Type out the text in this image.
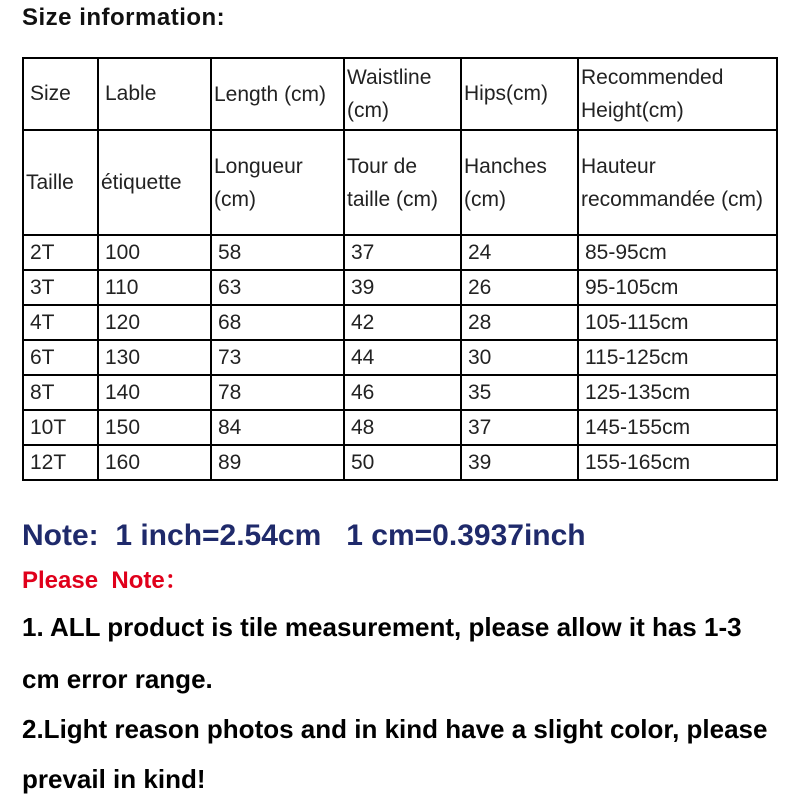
Size information:
Size	Lable	Length (cm)	Waistline (cm)	Hips(cm)	Recommended Height(cm)
Taille	étiquette	Longueur (cm)	Tour de taille (cm)	Hanches (cm)	Hauteur recommandée (cm)
2T	100	58	37	24	85-95cm
3T	110	63	39	26	95-105cm
4T	120	68	42	28	105-115cm
6T	130	73	44	30	115-125cm
8T	140	78	46	35	125-135cm
10T	150	84	48	37	145-155cm
12T	160	89	50	39	155-165cm
Note:  1 inch=2.54cm   1 cm=0.3937inch
Please  Note：
1. ALL product is tile measurement, please allow it has 1-3
cm error range.
2.Light reason photos and in kind have a slight color, please
prevail in kind!
